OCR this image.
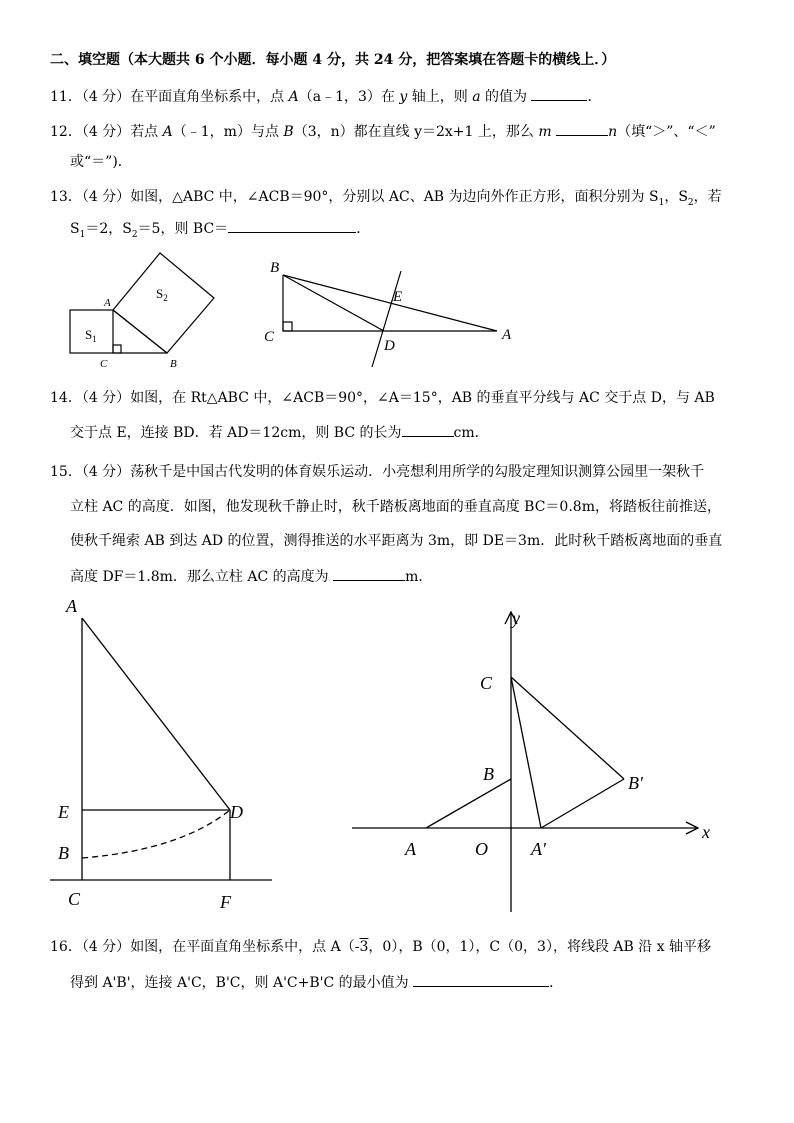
二、填空题（本大题共 6 个小题．每小题 4 分，共 24 分，把答案填在答题卡的横线上．）
11．（4 分）在平面直角坐标系中，点 A（a﹣1，3）在 y 轴上，则 a 的值为	．
12．（4 分）若点 A（﹣1，m）与点 B（3，n）都在直线 y＝2x+1 上，那么 m	n（填“＞”、“＜”
或“＝”)．
13．（4 分）如图，△ABC 中，∠ACB＝90°，分别以 AC、AB 为边向外作正方形，面积分别为 $S_1$，$S_2$，若
$S_1=2$，$S_2=5$，则 BC＝	．
A
C	B
$S_1$
$S_2$
B
C
E
D
A
14．（4 分）如图，在 Rt△ABC 中，∠ACB＝90°，∠A＝15°，AB 的垂直平分线与 AC 交于点 D，与 AB
交于点 E，连接 BD．若 AD＝12cm，则 BC 的长为	cm．
15．（4 分）荡秋千是中国古代发明的体育娱乐运动．小亮想利用所学的勾股定理知识测算公园里一架秋千
立柱 AC 的高度．如图，他发现秋千静止时，秋千踏板离地面的垂直高度 BC＝0.8m，将踏板往前推送，
使秋千绳索 AB 到达 AD 的位置，测得推送的水平距离为 3m，即 DE＝3m．此时秋千踏板离地面的垂直
高度 DF＝1.8m．那么立柱 AC 的高度为	m．
A
E	D
B
C	F
y
x
C
B	B′
A	O A′
16．（4 分）如图，在平面直角坐标系中，点 A（-3，0），B（0，1），C（0，3），将线段 AB 沿 x 轴平移
得到 A'B'，连接 A'C，B'C，则 A'C+B'C 的最小值为	．
